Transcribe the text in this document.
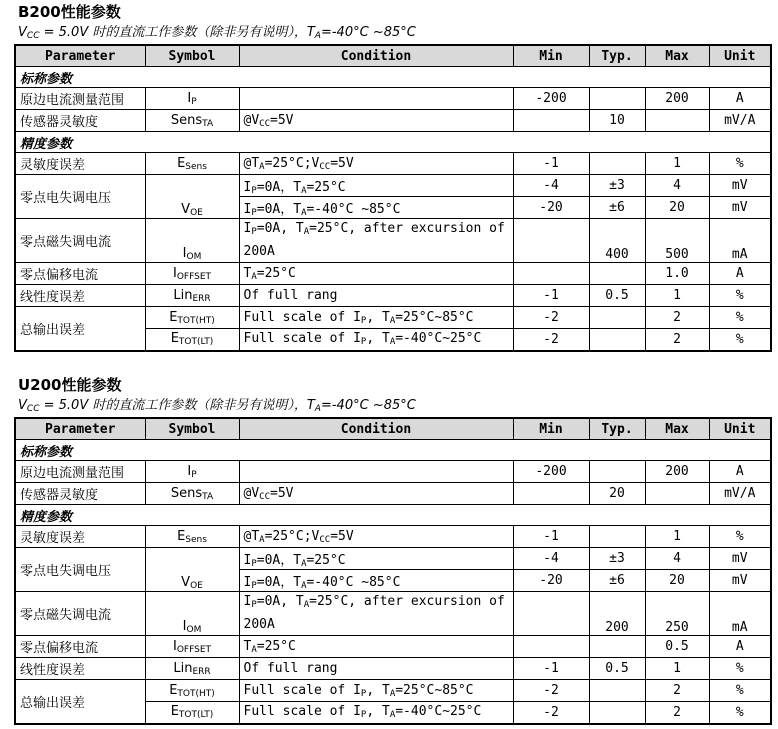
B200性能参数
$V_{CC} = 5.0V$ 时的直流工作参数（除非另有说明），$T_A=-40^\circ C$ ~85°C
Parameter	Symbol	Condition	Min	Typ.	Max	Unit
标称参数						
原边电流测量范围	$I_P$		-200		200	A
传感器灵敏度	Sens$_{TA}$	$@V_{CC}=5V$		10		mV/A
精度参数						
灵敏度误差	$E_{Sens}$	$@T_A=25^\circ C;V_{CC}=5V$	-1		1	%
零点电失调电压	$V_{OE}$	$I_P=0A$，$T_A=25^\circ C$	-4	±3	4	mV
		$I_P=0A$，$T_A=-40^\circ C$ ~85°C	-20	±6	20	mV
零点磁失调电流	$I_{OM}$	$I_P=0A$, $T_A=25^\circ C$, after excursion of 200A		400	500	mA
零点偏移电流	$I_{OFFSET}$	$T_A=25^\circ C$			1.0	A
线性度误差	Lin$_{ERR}$	Of full rang	-1	0.5	1	%
总输出误差	$E_{TOT(HT)}$	Full scale of $I_P$, $T_A=25^\circ C\sim 85^\circ C$	-2		2	%
	$E_{TOT(LT)}$	Full scale of $I_P$, $T_A=-40^\circ C\sim 25^\circ C$	-2		2	%
U200性能参数
$V_{CC} = 5.0V$ 时的直流工作参数（除非另有说明），$T_A=-40^\circ C$ ~85°C
Parameter	Symbol	Condition	Min	Typ.	Max	Unit
标称参数						
原边电流测量范围	$I_P$		-200		200	A
传感器灵敏度	Sens$_{TA}$	$@V_{CC}=5V$		20		mV/A
精度参数						
灵敏度误差	$E_{Sens}$	$@T_A=25^\circ C;V_{CC}=5V$	-1		1	%
零点电失调电压	$V_{OE}$	$I_P=0A$，$T_A=25^\circ C$	-4	±3	4	mV
		$I_P=0A$，$T_A=-40^\circ C$ ~85°C	-20	±6	20	mV
零点磁失调电流	$I_{OM}$	$I_P=0A$, $T_A=25^\circ C$, after excursion of 200A		200	250	mA
零点偏移电流	$I_{OFFSET}$	$T_A=25^\circ C$			0.5	A
线性度误差	Lin$_{ERR}$	Of full rang	-1	0.5	1	%
总输出误差	$E_{TOT(HT)}$	Full scale of $I_P$, $T_A=25^\circ C\sim 85^\circ C$	-2		2	%
	$E_{TOT(LT)}$	Full scale of $I_P$, $T_A=-40^\circ C\sim 25^\circ C$	-2		2	%
